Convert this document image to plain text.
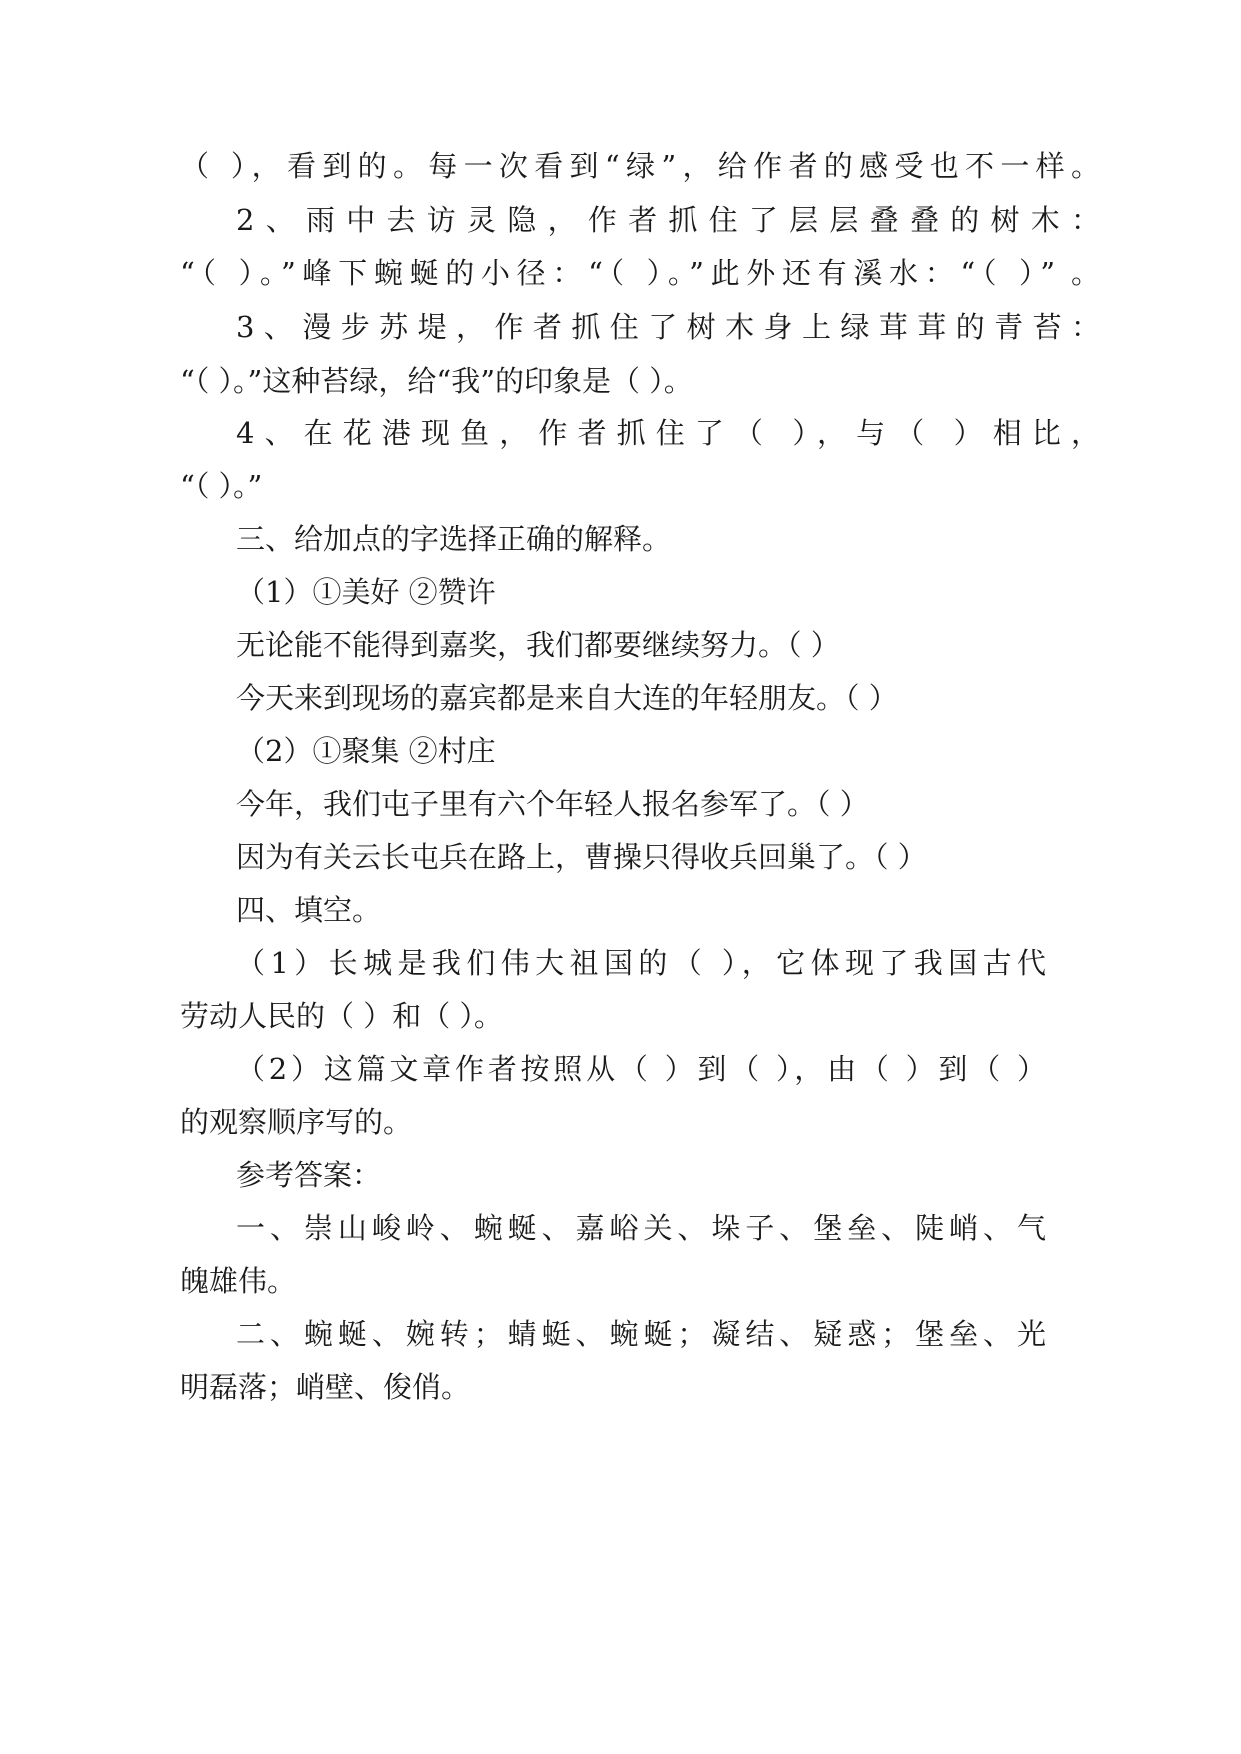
（ ），看到的。每一次看到“绿”，给作者的感受也不一样。
2、雨中去访灵隐，作者抓住了层层叠叠的树木：
“（ ）。”峰下蜿蜒的小径：“（ ）。”此外还有溪水：“（ ）” 。
3、漫步苏堤，作者抓住了树木身上绿茸茸的青苔：
“（ ）。”这种苔绿，给“我”的印象是（ ）。
4、在花港现鱼，作者抓住了（ ），与（ ）相比，
“（ ）。”
三、给加点的字选择正确的解释。
（1）①美好 ②赞许
无论能不能得到嘉奖，我们都要继续努力。（ ）
今天来到现场的嘉宾都是来自大连的年轻朋友。（ ）
（2）①聚集 ②村庄
今年，我们屯子里有六个年轻人报名参军了。（ ）
因为有关云长屯兵在路上，曹操只得收兵回巢了。（ ）
四、填空。
（1）长城是我们伟大祖国的（ ），它体现了我国古代
劳动人民的（ ）和（ ）。
（2）这篇文章作者按照从（ ）到（ ），由（ ）到（ ）
的观察顺序写的。
参考答案：
一、崇山峻岭、蜿蜒、嘉峪关、垛子、堡垒、陡峭、气
魄雄伟。
二、蜿蜒、婉转；蜻蜓、蜿蜒；凝结、疑惑；堡垒、光
明磊落；峭壁、俊俏。
